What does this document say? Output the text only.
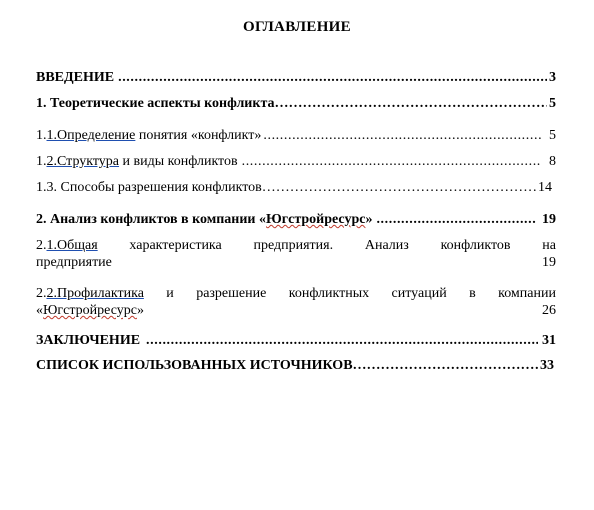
ОГЛАВЛЕНИЕ
ВВЕДЕНИЕ .....	3
1. Теоретические аспекты конфликта ……………………………………………………………………………………………………………………………………………………………………………………	5
1.1.Определение понятия «конфликт» .....	5
1.2.Структура и виды конфликтов .....	8
1.3. Способы разрешения конфликтов ……………………………………………………………………………………………………………………………………………………………………………………	14
2. Анализ конфликтов в компании «Югстройресурс» .....	19
2.1.Общая характеристика предприятия. Анализ конфликтов на
предприятие	19
2.2.Профилактика и разрешение конфликтных ситуаций в компании
«Югстройресурс»	26
ЗАКЛЮЧЕНИЕ .....	31
СПИСОК ИСПОЛЬЗОВАННЫХ ИСТОЧНИКОВ ……………………………………………………………………………………………………………………………………………………………………………………	33
